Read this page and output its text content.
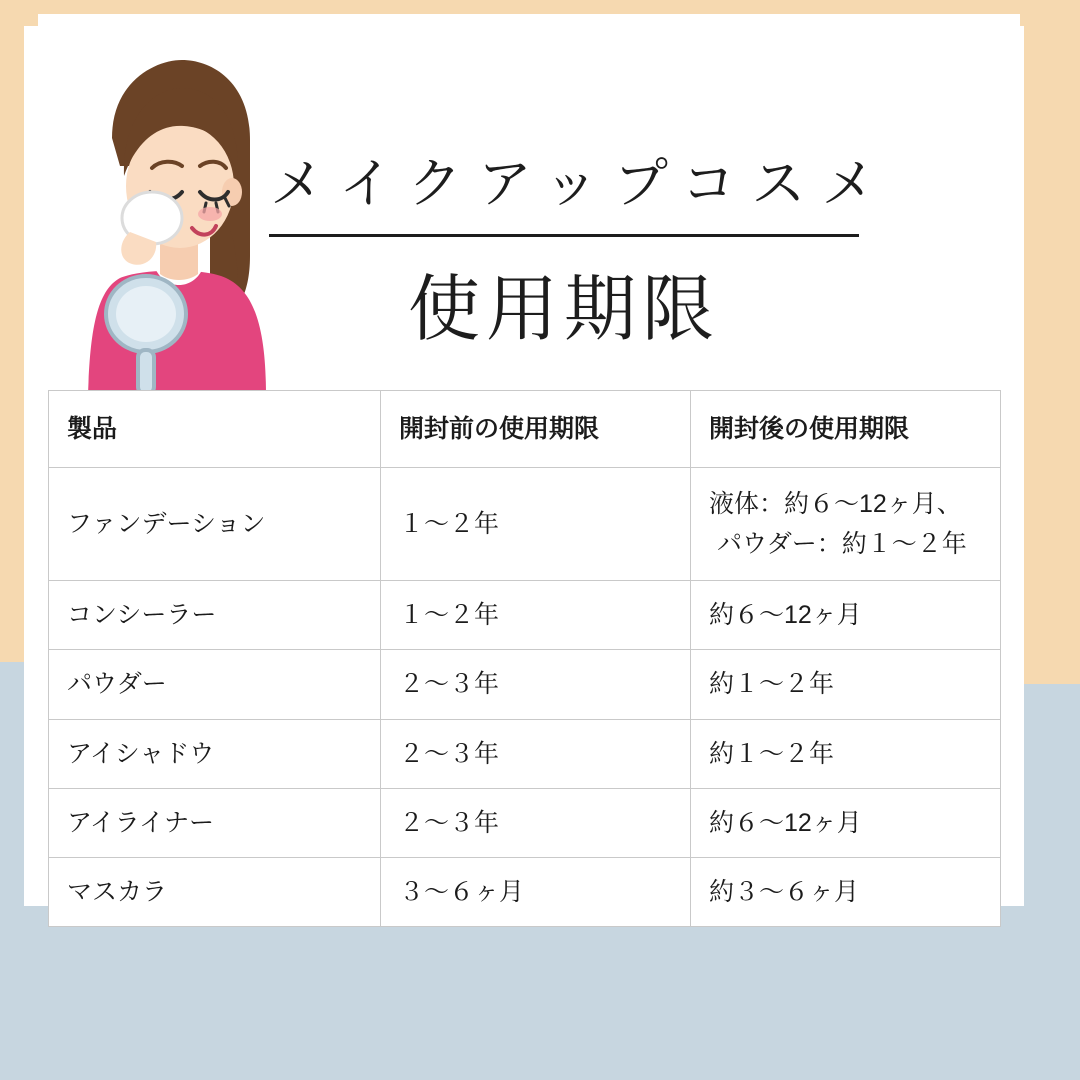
メイクアップコスメ
使用期限
製品	開封前の使用期限	開封後の使用期限
ファンデーション	１〜２年	液体：約６〜12ヶ月、
パウダー：約１〜２年

コンシーラー	１〜２年	約６〜12ヶ月
パウダー	２〜３年	約１〜２年
アイシャドウ	２〜３年	約１〜２年
アイライナー	２〜３年	約６〜12ヶ月
マスカラ	３〜６ヶ月	約３〜６ヶ月
